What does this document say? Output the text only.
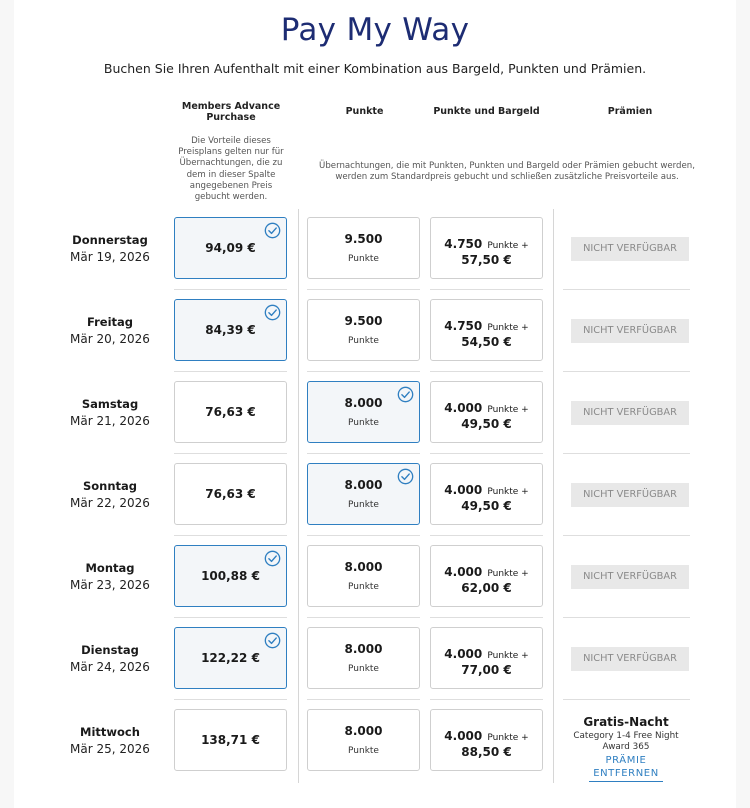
Pay My Way

Buchen Sie Ihren Aufenthalt mit einer Kombination aus Bargeld, Punkten und Prämien.

Members Advance
Purchase
Punkte	Punkte und Bargeld	Prämien
Die Vorteile dieses
Preisplans gelten nur für
Übernachtungen, die zu
dem in dieser Spalte
angegebenen Preis
gebucht werden.
Übernachtungen, die mit Punkten, Punkten und Bargeld oder Prämien gebucht werden,
werden zum Standardpreis gebucht und schließen zusätzliche Preisvorteile aus.
Donnerstag
Mär 19, 2026
94,09 €
9.500
Punkte
4.750 Punkte +
57,50 €
NICHT VERFÜGBAR
Freitag
Mär 20, 2026
84,39 €
9.500
Punkte
4.750 Punkte +
54,50 €
NICHT VERFÜGBAR
Samstag
Mär 21, 2026
76,63 €
8.000
Punkte
4.000 Punkte +
49,50 €
NICHT VERFÜGBAR
Sonntag
Mär 22, 2026
76,63 €
8.000
Punkte
4.000 Punkte +
49,50 €
NICHT VERFÜGBAR
Montag
Mär 23, 2026
100,88 €
8.000
Punkte
4.000 Punkte +
62,00 €
NICHT VERFÜGBAR
Dienstag
Mär 24, 2026
122,22 €
8.000
Punkte
4.000 Punkte +
77,00 €
NICHT VERFÜGBAR
Mittwoch
Mär 25, 2026
138,71 €
8.000
Punkte
4.000 Punkte +
88,50 €
Gratis-Nacht
Category 1-4 Free Night
Award 365
PRÄMIE
ENTFERNEN
